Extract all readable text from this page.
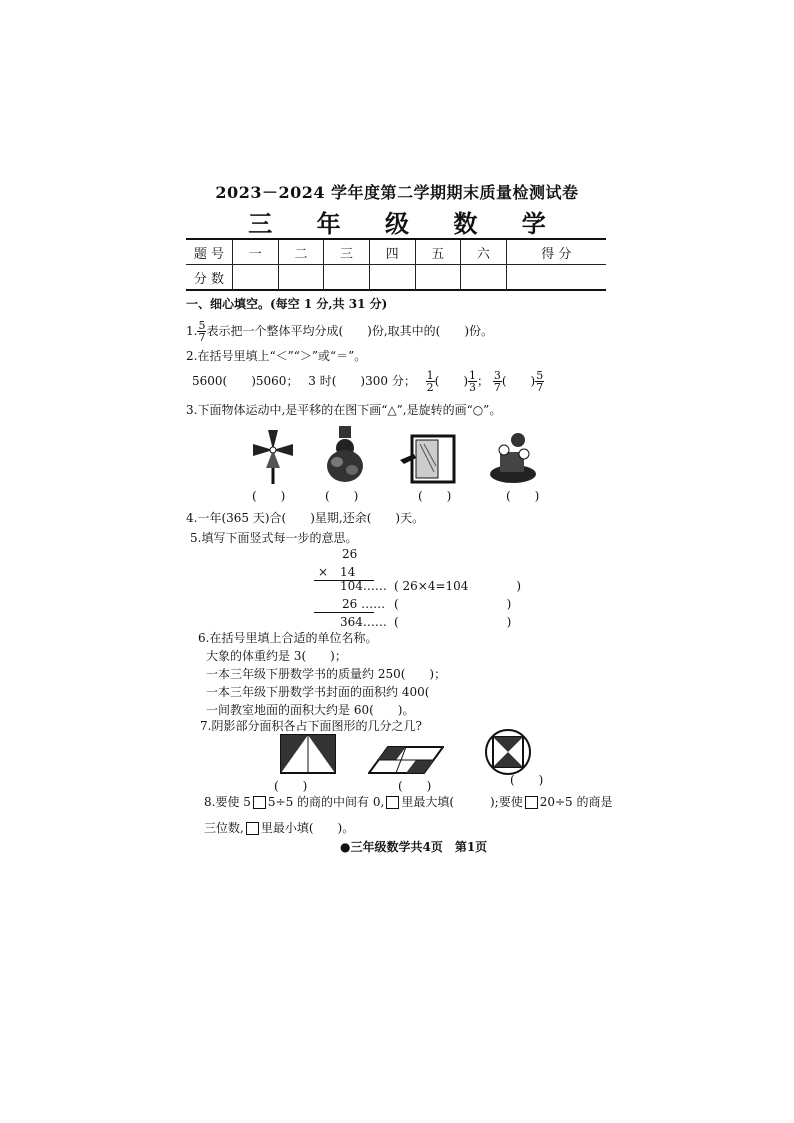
2023－2024 学年度第二学期期末质量检测试卷
三 年 级 数 学
题 号	一	二	三	四	五	六	得 分
分 数							
一、细心填空。(每空 1 分,共 31 分)
1. $\frac{5}{7}$ 表示把一个整体平均分成(　　)份,取其中的(　　)份。
2.在括号里填上“＜”“＞”或“＝”。
5600(　　)5060； 3 时(　　)300 分； $\frac{1}{2}$ (　　) $\frac{1}{3}$ ； $\frac{3}{7}$ (　　) $\frac{5}{7}$
3.下面物体运动中,是平移的在图下画“△”,是旋转的画“○”。
(　　)	(　　)	(　　)	(　　)
4.一年(365 天)合(　　)星期,还余(　　)天。
5.填写下面竖式每一步的意思。
26
×　14
104…… ( 26×4=104　　　　)
26 …… (　　　　　　　　　)
364…… (　　　　　　　　　)
6.在括号里填上合适的单位名称。
大象的体重约是 3(　　)；
一本三年级下册数学书的质量约 250(　　)；
一本三年级下册数学书封面的面积约 400(
一间教室地面的面积大约是 60(　　)。
7.阴影部分面积各占下面图形的几分之几?
(　　)	(　　)	(　　)
8.要使 5 5÷5 的商的中间有 0, 里最大填(　　　);要使 20÷5 的商是
三位数, 里最小填(　　)。
●三年级数学共4页　第1页
